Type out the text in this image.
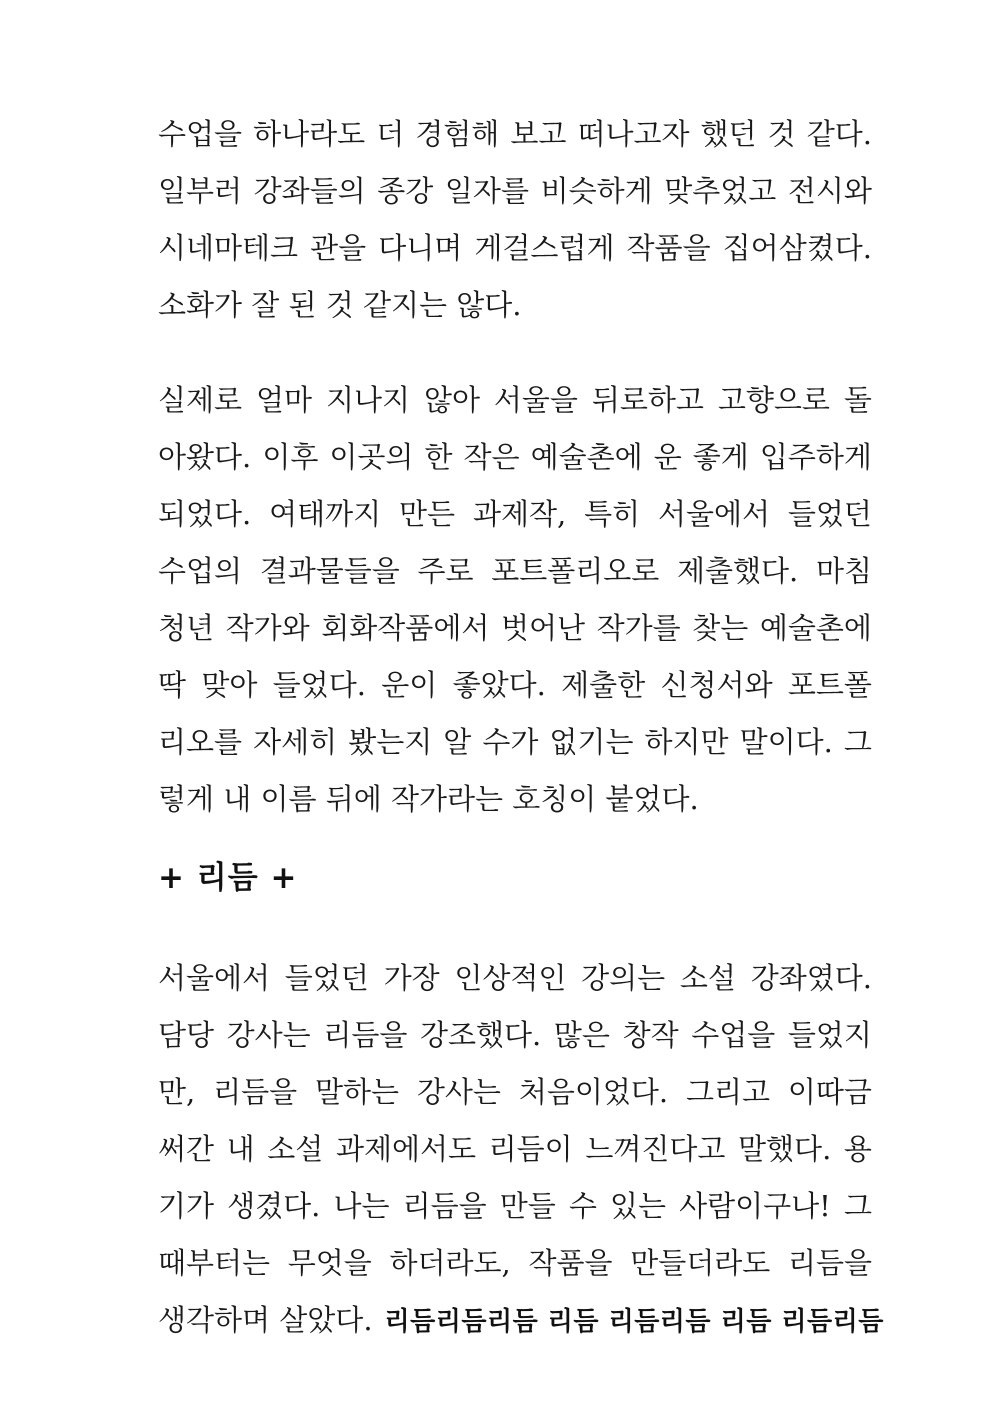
수업을 하나라도 더 경험해 보고 떠나고자 했던 것 같다.
일부러 강좌들의 종강 일자를 비슷하게 맞추었고 전시와
시네마테크 관을 다니며 게걸스럽게 작품을 집어삼켰다.
소화가 잘 된 것 같지는 않다.
실제로 얼마 지나지 않아 서울을 뒤로하고 고향으로 돌
아왔다. 이후 이곳의 한 작은 예술촌에 운 좋게 입주하게
되었다. 여태까지 만든 과제작, 특히 서울에서 들었던
수업의 결과물들을 주로 포트폴리오로 제출했다. 마침
청년 작가와 회화작품에서 벗어난 작가를 찾는 예술촌에
딱 맞아 들었다. 운이 좋았다. 제출한 신청서와 포트폴
리오를 자세히 봤는지 알 수가 없기는 하지만 말이다. 그
렇게 내 이름 뒤에 작가라는 호칭이 붙었다.
+ 리듬 +
서울에서 들었던 가장 인상적인 강의는 소설 강좌였다.
담당 강사는 리듬을 강조했다. 많은 창작 수업을 들었지
만, 리듬을 말하는 강사는 처음이었다. 그리고 이따금
써간 내 소설 과제에서도 리듬이 느껴진다고 말했다. 용
기가 생겼다. 나는 리듬을 만들 수 있는 사람이구나! 그
때부터는 무엇을 하더라도, 작품을 만들더라도 리듬을
생각하며 살았다. 리듬리듬리듬 리듬 리듬리듬 리듬 리듬리듬
